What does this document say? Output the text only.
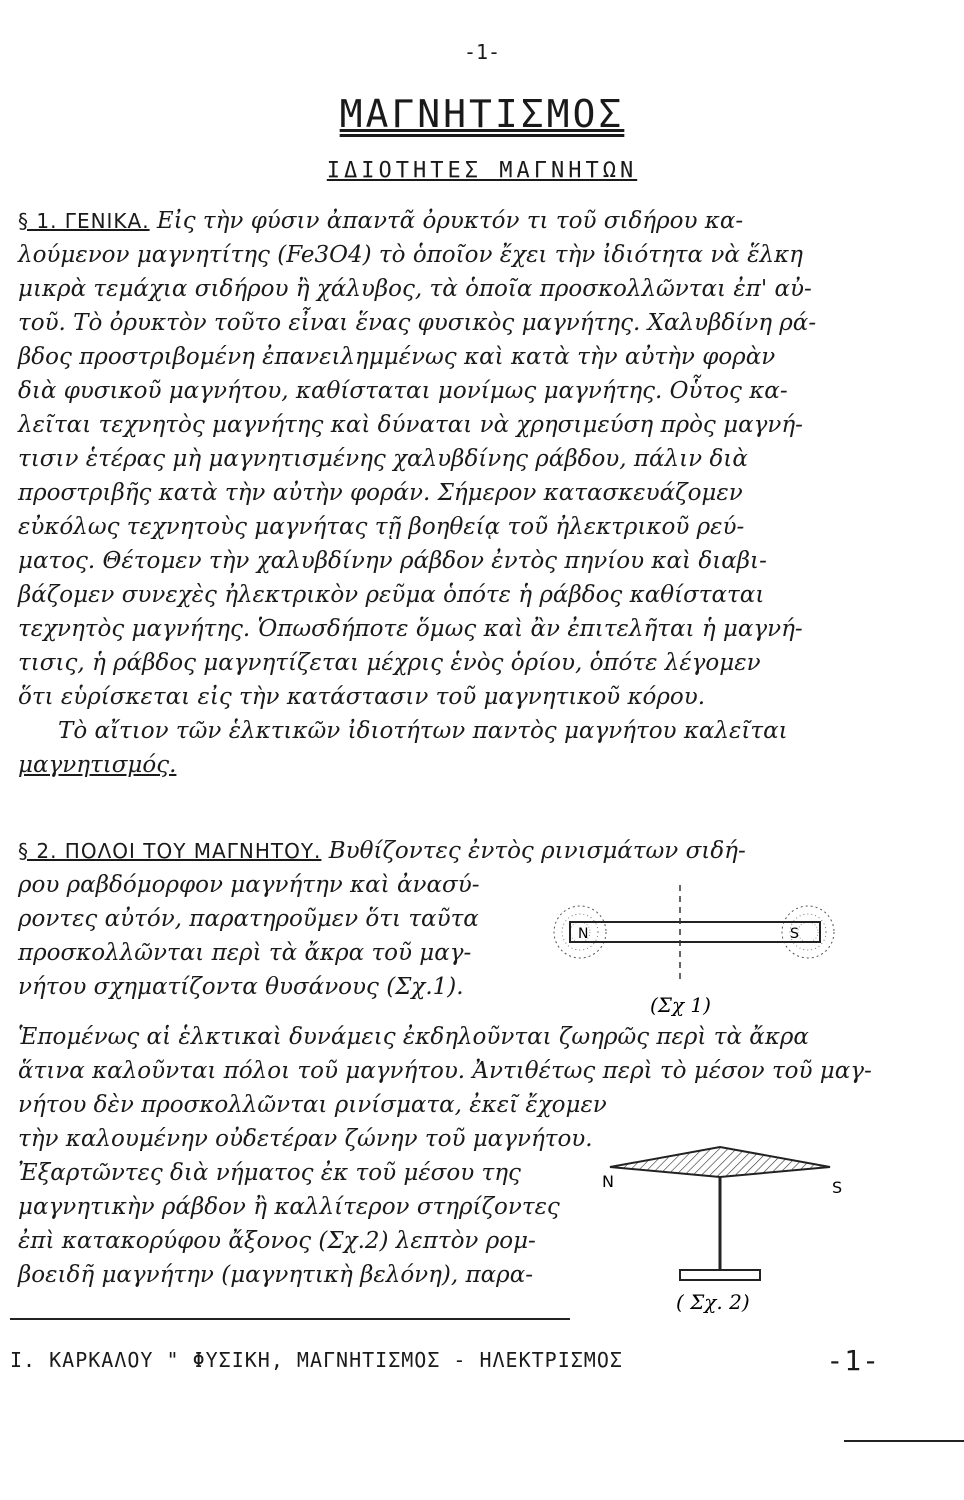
-1-
ΜΑΓΝΗΤΙΣΜΟΣ
ΙΔΙΟΤΗΤΕΣ ΜΑΓΝΗΤΩΝ
§ 1. ΓΕΝΙΚΑ. Εἰς τὴν φύσιν ἀπαντᾶ ὀρυκτόν τι τοῦ σιδήρου κα-
λούμενον μαγνητίτης (Fe3O4) τὸ ὁποῖον ἔχει τὴν ἰδιότητα νὰ ἕλκη
μικρὰ τεμάχια σιδήρου ἢ χάλυβος, τὰ ὁποῖα προσκολλῶνται ἐπ' αὐ-
τοῦ. Τὸ ὀρυκτὸν τοῦτο εἶναι ἕνας φυσικὸς μαγνήτης. Χαλυβδίνη ρά-
βδος προστριβομένη ἐπανειλημμένως καὶ κατὰ τὴν αὐτὴν φορὰν
διὰ φυσικοῦ μαγνήτου, καθίσταται μονίμως μαγνήτης. Οὗτος κα-
λεῖται τεχνητὸς μαγνήτης καὶ δύναται νὰ χρησιμεύση πρὸς μαγνή-
τισιν ἑτέρας μὴ μαγνητισμένης χαλυβδίνης ράβδου, πάλιν διὰ
προστριβῆς κατὰ τὴν αὐτὴν φοράν. Σήμερον κατασκευάζομεν
εὐκόλως τεχνητοὺς μαγνήτας τῇ βοηθείᾳ τοῦ ἠλεκτρικοῦ ρεύ-
ματος. Θέτομεν τὴν χαλυβδίνην ράβδον ἐντὸς πηνίου καὶ διαβι-
βάζομεν συνεχὲς ἠλεκτρικὸν ρεῦμα ὁπότε ἡ ράβδος καθίσταται
τεχνητὸς μαγνήτης. Ὁπωσδήποτε ὅμως καὶ ἂν ἐπιτελῆται ἡ μαγνή-
τισις, ἡ ράβδος μαγνητίζεται μέχρις ἑνὸς ὁρίου, ὁπότε λέγομεν
ὅτι εὑρίσκεται εἰς τὴν κατάστασιν τοῦ μαγνητικοῦ κόρου.
Τὸ αἴτιον τῶν ἑλκτικῶν ἰδιοτήτων παντὸς μαγνήτου καλεῖται
μαγνητισμός.
§ 2. ΠΟΛΟΙ ΤΟΥ ΜΑΓΝΗΤΟΥ. Βυθίζοντες ἐντὸς ρινισμάτων σιδή-
ρου ραβδόμορφον μαγνήτην καὶ ἀνασύ-
ροντες αὐτόν, παρατηροῦμεν ὅτι ταῦτα
προσκολλῶνται περὶ τὰ ἄκρα τοῦ μαγ-
νήτου σχηματίζοντα θυσάνους (Σχ.1).
Ἑπομένως αἱ ἑλκτικαὶ δυνάμεις ἐκδηλοῦνται ζωηρῶς περὶ τὰ ἄκρα
ἅτινα καλοῦνται πόλοι τοῦ μαγνήτου. Ἀντιθέτως περὶ τὸ μέσον τοῦ μαγ-
νήτου δὲν προσκολλῶνται ρινίσματα, ἐκεῖ ἔχομεν
τὴν καλουμένην οὐδετέραν ζώνην τοῦ μαγνήτου.
Ἐξαρτῶντες διὰ νήματος ἐκ τοῦ μέσου της
μαγνητικὴν ράβδον ἢ καλλίτερον στηρίζοντες
ἐπὶ κατακορύφου ἄξονος (Σχ.2) λεπτὸν ρομ-
βοειδῆ μαγνήτην (μαγνητικὴ βελόνη), παρα-
N	S
(Σχ 1)
N	S
( Σχ. 2)
Ι. ΚΑΡΚΑΛΟΥ " ΦΥΣΙΚΗ, ΜΑΓΝΗΤΙΣΜΟΣ - ΗΛΕΚΤΡΙΣΜΟΣ	-1-
